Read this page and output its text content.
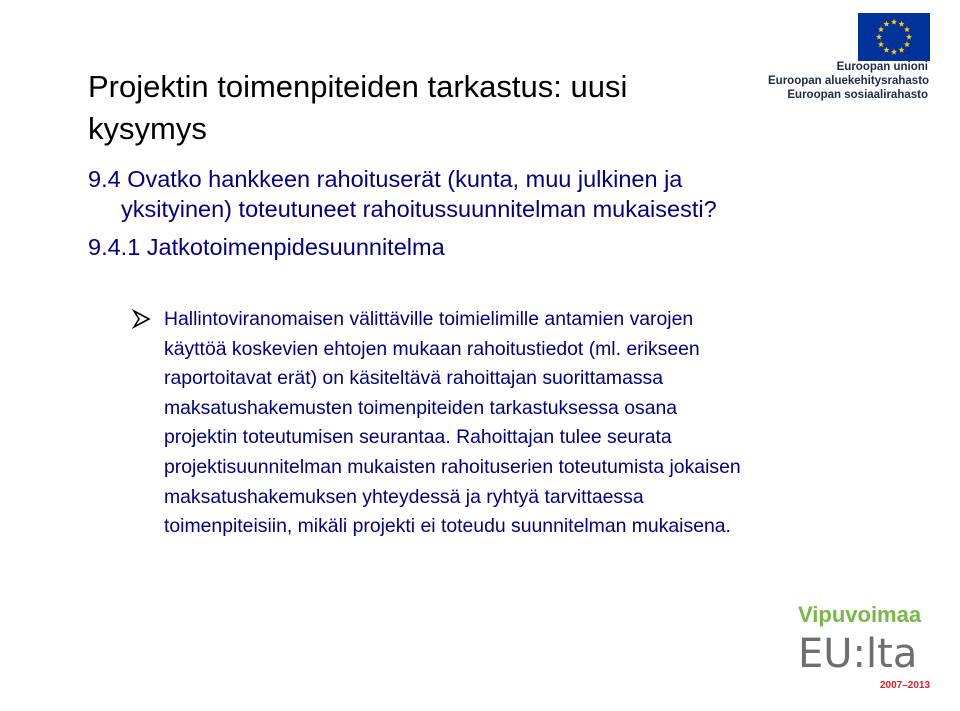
Euroopan unioni
Euroopan aluekehitysrahasto
Euroopan sosiaalirahasto
Projektin toimenpiteiden tarkastus: uusi
kysymys
9.4 Ovatko hankkeen rahoituserät (kunta, muu julkinen ja
yksityinen) toteutuneet rahoitussuunnitelman mukaisesti?
9.4.1 Jatkotoimenpidesuunnitelma
Hallintoviranomaisen välittäville toimielimille antamien varojen
käyttöä koskevien ehtojen mukaan rahoitustiedot (ml. erikseen
raportoitavat erät) on käsiteltävä rahoittajan suorittamassa
maksatushakemusten toimenpiteiden tarkastuksessa osana
projektin toteutumisen seurantaa. Rahoittajan tulee seurata
projektisuunnitelman mukaisten rahoituserien toteutumista jokaisen
maksatushakemuksen yhteydessä ja ryhtyä tarvittaessa
toimenpiteisiin, mikäli projekti ei toteudu suunnitelman mukaisena.
Vipuvoimaa
EU:lta
2007–2013
